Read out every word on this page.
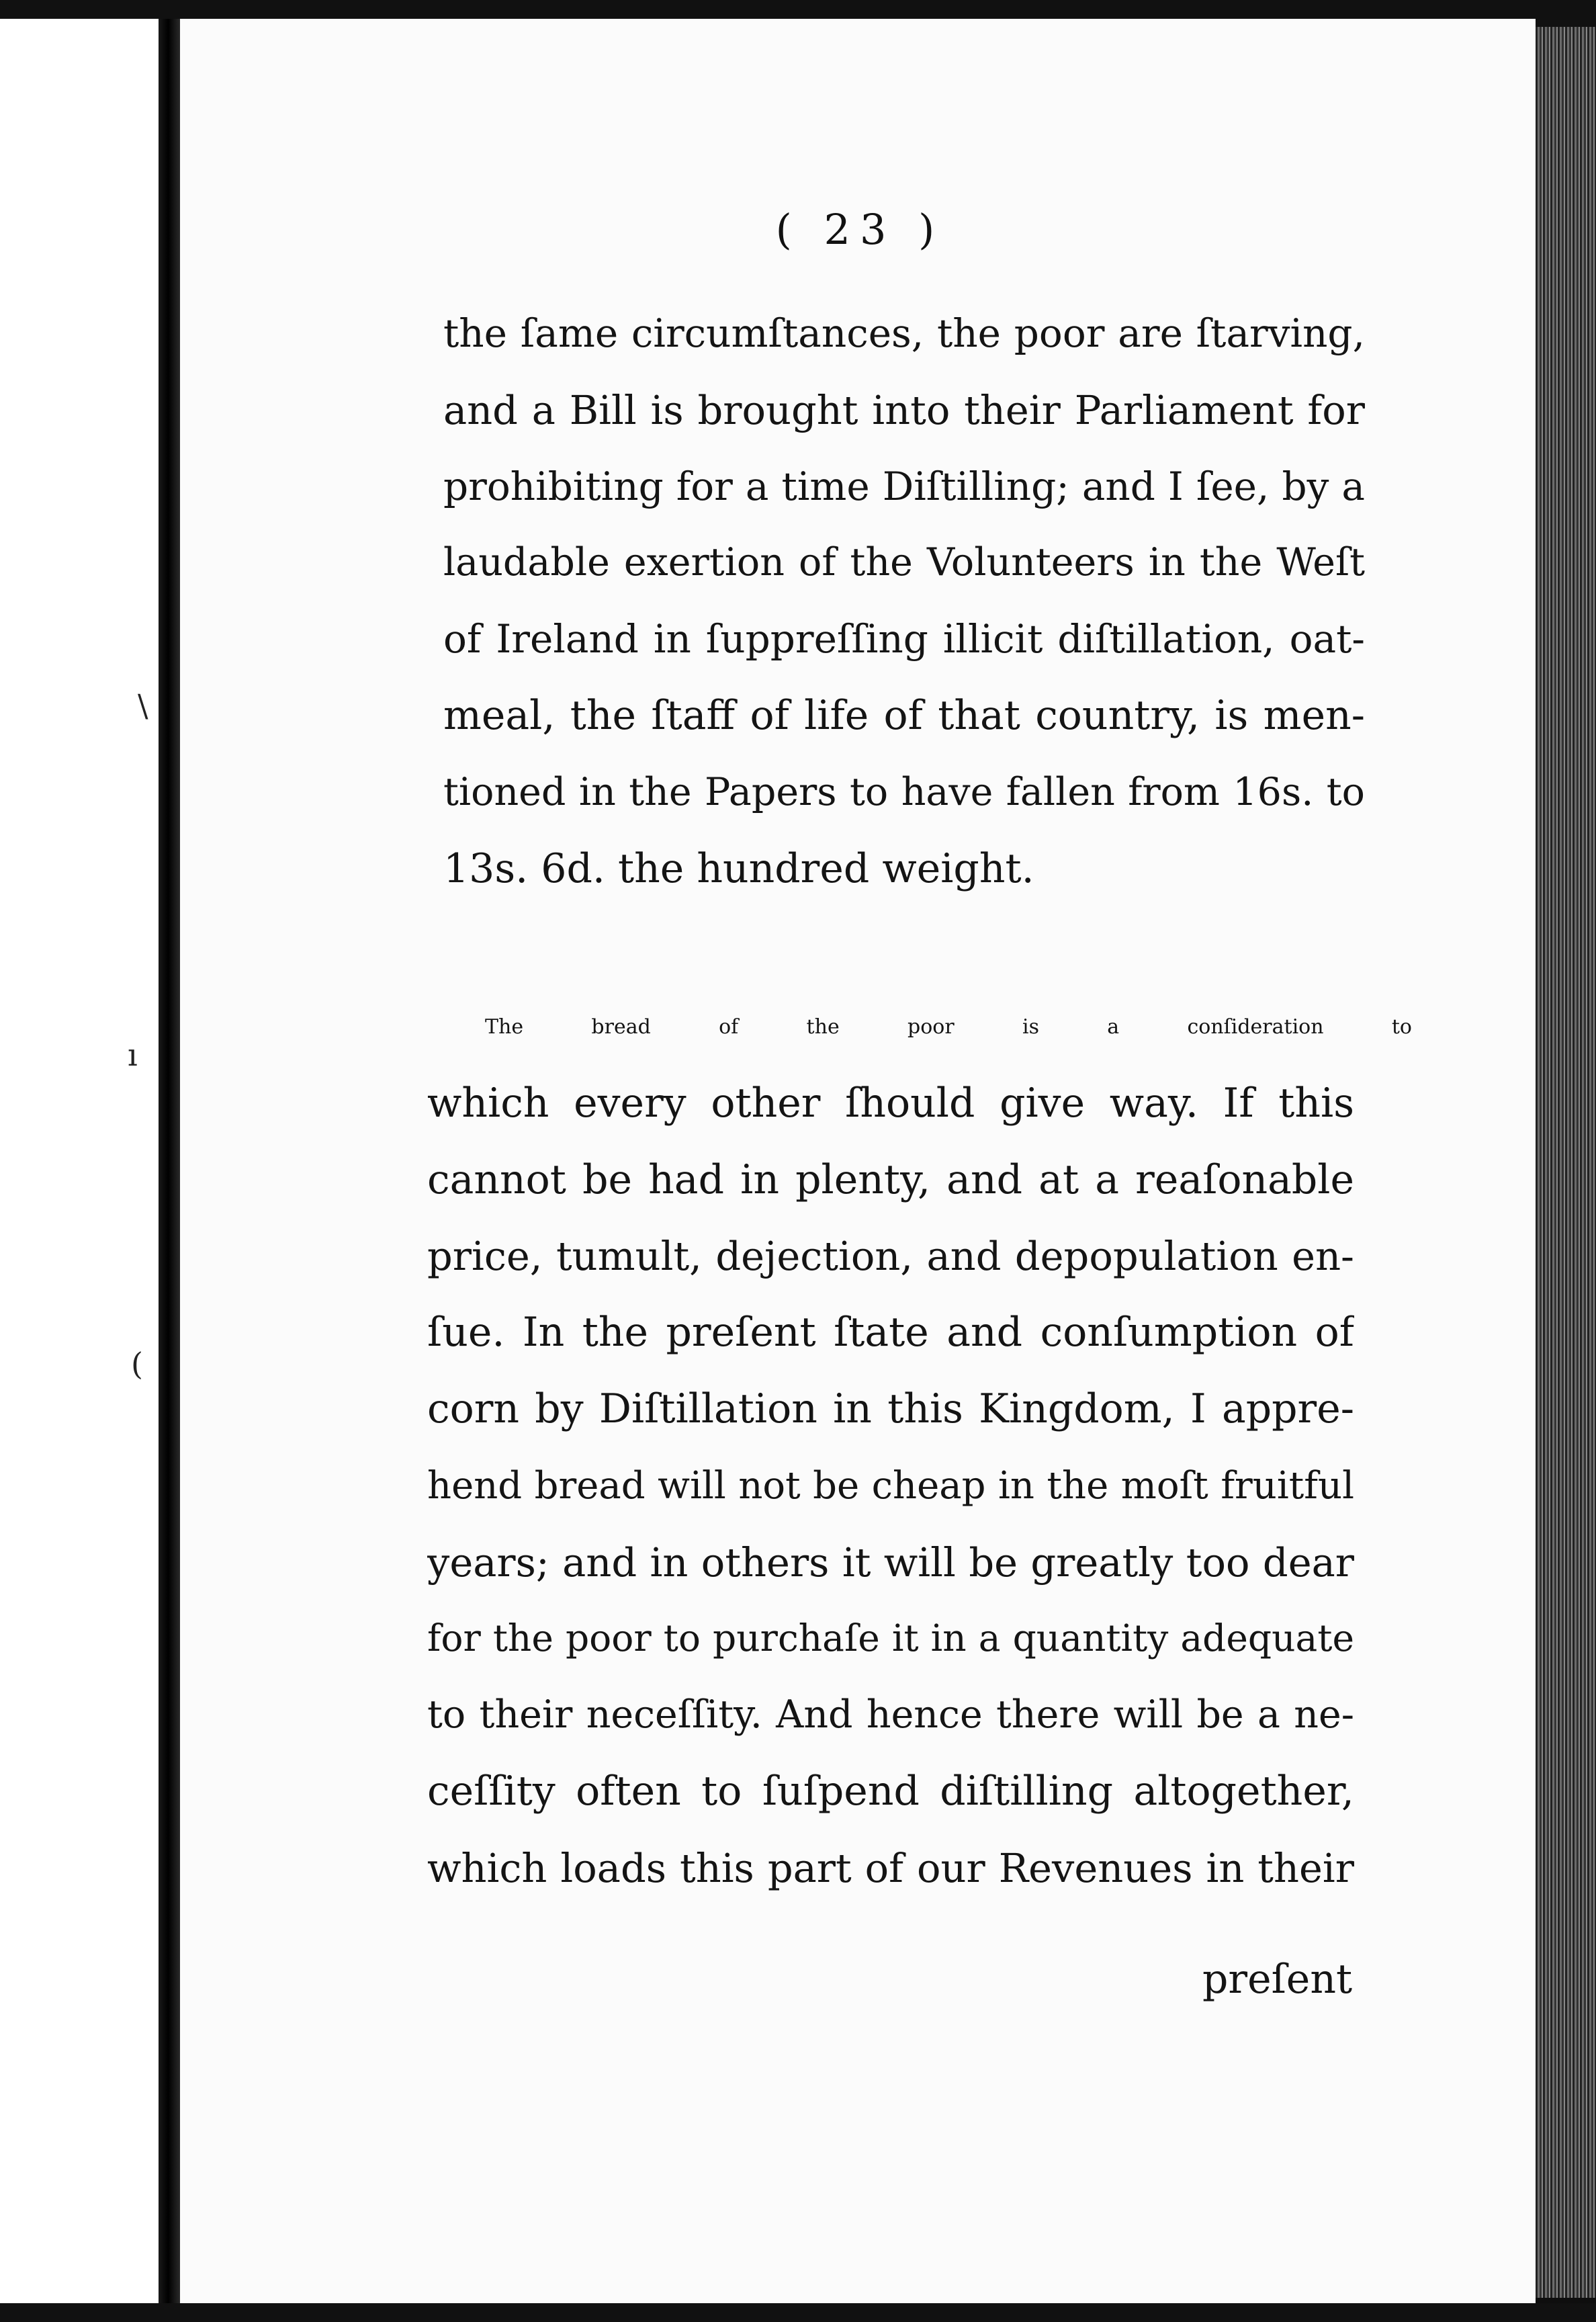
\
ı
(
( 23 )
the ſame circumſtances, the poor are ſtarving,
and a Bill is brought into their Parliament for
prohibiting for a time Diſtilling; and I ſee, by a
laudable exertion of the Volunteers in the Weſt
of Ireland in ſuppreſſing illicit diſtillation, oat-
meal, the ſtaff of life of that country, is men-
tioned in the Papers to have fallen from 16s. to
13s. 6d. the hundred weight.
The bread of the poor is a conſideration to
which every other ſhould give way. If this
cannot be had in plenty, and at a reaſonable
price, tumult, dejection, and depopulation en-
ſue. In the preſent ſtate and conſumption of
corn by Diſtillation in this Kingdom, I appre-
hend bread will not be cheap in the moſt fruitful
years; and in others it will be greatly too dear
for the poor to purchaſe it in a quantity adequate
to their neceſſity. And hence there will be a ne-
ceſſity often to ſuſpend diſtilling altogether,
which loads this part of our Revenues in their
preſent
